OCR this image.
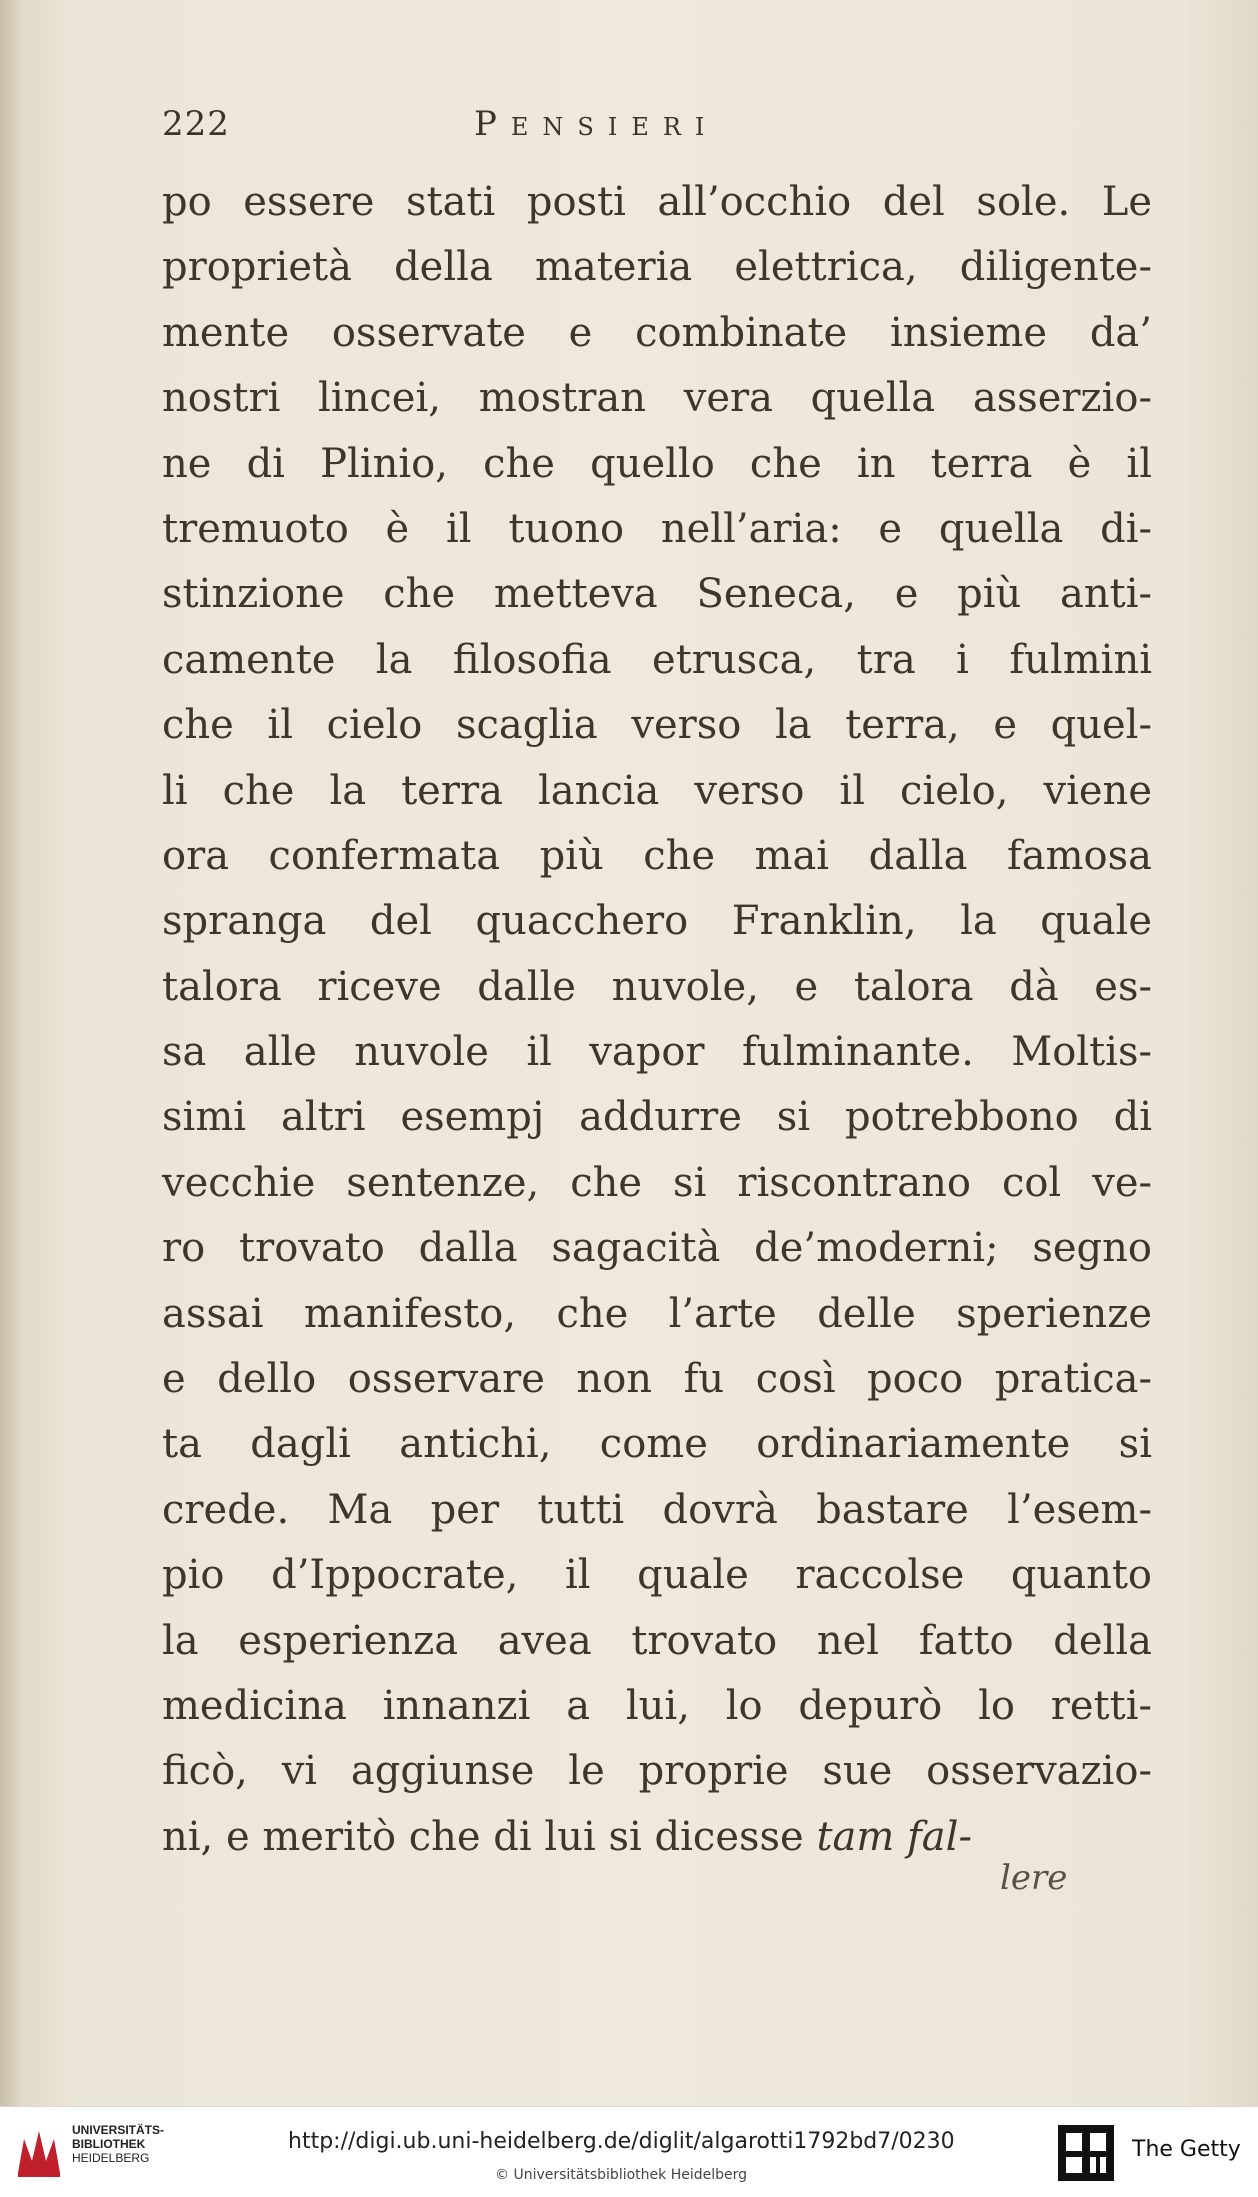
222	Pensieri
po essere stati posti all’occhio del sole. Le
proprietà della materia elettrica, diligente-
mente osservate e combinate insieme da’
nostri lincei, mostran vera quella asserzio-
ne di Plinio, che quello che in terra è il
tremuoto è il tuono nell’aria: e quella di-
stinzione che metteva Seneca, e più anti-
camente la filosofia etrusca, tra i fulmini
che il cielo scaglia verso la terra, e quel-
li che la terra lancia verso il cielo, viene
ora confermata più che mai dalla famosa
spranga del quacchero Franklin, la quale
talora riceve dalle nuvole, e talora dà es-
sa alle nuvole il vapor fulminante. Moltis-
simi altri esempj addurre si potrebbono di
vecchie sentenze, che si riscontrano col ve-
ro trovato dalla sagacità de’moderni; segno
assai manifesto, che l’arte delle sperienze
e dello osservare non fu così poco pratica-
ta dagli antichi, come ordinariamente si
crede. Ma per tutti dovrà bastare l’esem-
pio d’Ippocrate, il quale raccolse quanto
la esperienza avea trovato nel fatto della
medicina innanzi a lui, lo depurò lo retti-
ficò, vi aggiunse le proprie sue osservazio-
ni, e meritò che di lui si dicesse tam fal-
lere
UNIVERSITÄTS-
BIBLIOTHEK
HEIDELBERG
http://digi.ub.uni-heidelberg.de/diglit/algarotti1792bd7/0230
© Universitätsbibliothek Heidelberg
The Getty
